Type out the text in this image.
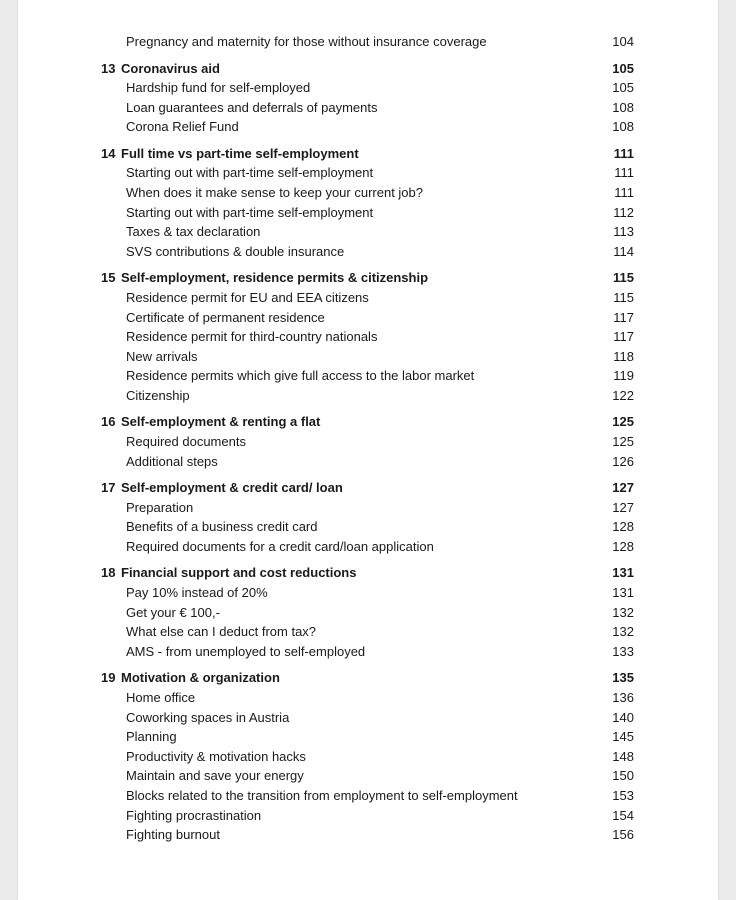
Pregnancy and maternity for those without insurance coverage	104
13 Coronavirus aid	105
Hardship fund for self-employed	105
Loan guarantees and deferrals of payments	108
Corona Relief Fund	108
14 Full time vs part-time self-employment	111
Starting out with part-time self-employment	111
When does it make sense to keep your current job?	111
Starting out with part-time self-employment	112
Taxes & tax declaration	113
SVS contributions & double insurance	114
15 Self-employment, residence permits & citizenship	115
Residence permit for EU and EEA citizens	115
Certificate of permanent residence	117
Residence permit for third-country nationals	117
New arrivals	118
Residence permits which give full access to the labor market	119
Citizenship	122
16 Self-employment & renting a flat	125
Required documents	125
Additional steps	126
17 Self-employment & credit card/ loan	127
Preparation	127
Benefits of a business credit card	128
Required documents for a credit card/loan application	128
18 Financial support and cost reductions	131
Pay 10% instead of 20%	131
Get your € 100,-	132
What else can I deduct from tax?	132
AMS - from unemployed to self-employed	133
19 Motivation & organization	135
Home office	136
Coworking spaces in Austria	140
Planning	145
Productivity & motivation hacks	148
Maintain and save your energy	150
Blocks related to the transition from employment to self-employment	153
Fighting procrastination	154
Fighting burnout	156
